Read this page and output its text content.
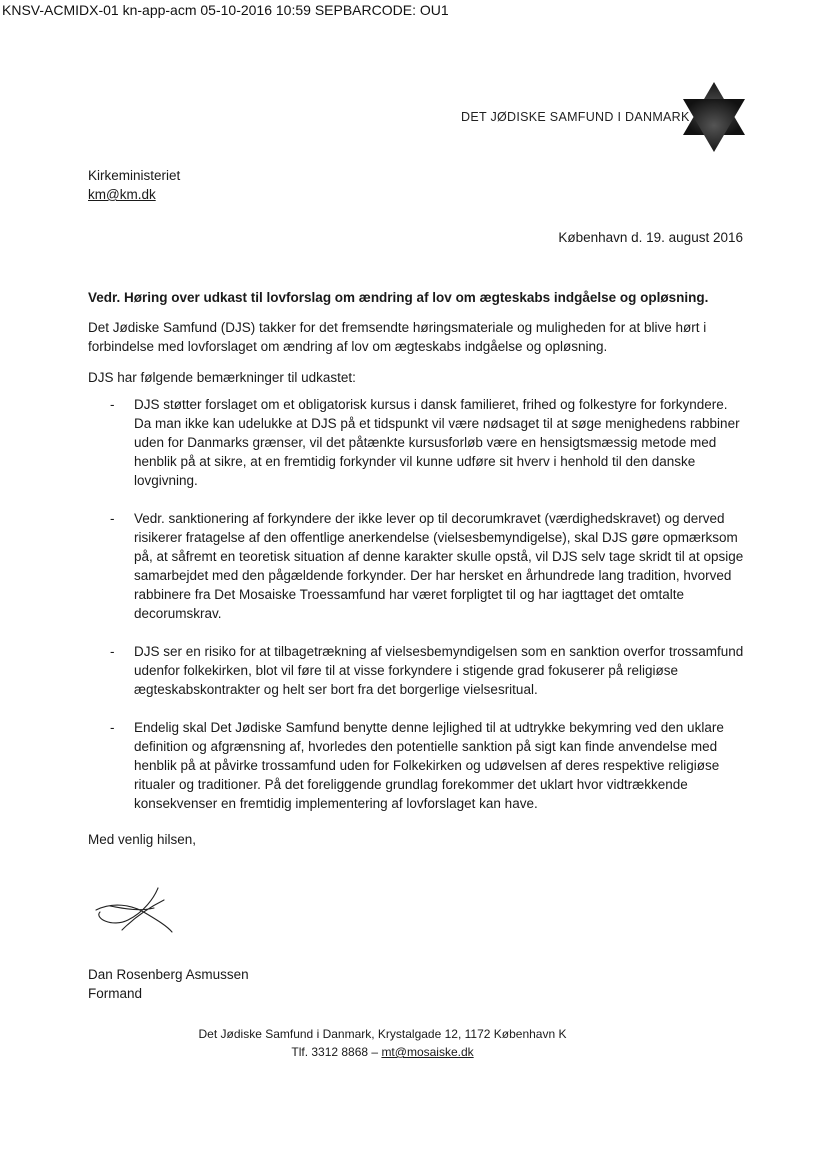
KNSV-ACMIDX-01 kn-app-acm 05-10-2016 10:59 SEPBARCODE: OU1
DET JØDISKE SAMFUND I DANMARK
Kirkeministeriet
km@km.dk
København d. 19. august 2016
Vedr. Høring over udkast til lovforslag om ændring af lov om ægteskabs indgåelse og opløsning.
Det Jødiske Samfund (DJS) takker for det fremsendte høringsmateriale og muligheden for at blive hørt i forbindelse med lovforslaget om ændring af lov om ægteskabs indgåelse og opløsning.
DJS har følgende bemærkninger til udkastet:
- DJS støtter forslaget om et obligatorisk kursus i dansk familieret, frihed og folkestyre for forkyndere. Da man ikke kan udelukke at DJS på et tidspunkt vil være nødsaget til at søge menighedens rabbiner uden for Danmarks grænser, vil det påtænkte kursusforløb være en hensigtsmæssig metode med henblik på at sikre, at en fremtidig forkynder vil kunne udføre sit hverv i henhold til den danske lovgivning.
- Vedr. sanktionering af forkyndere der ikke lever op til decorumkravet (værdighedskravet) og derved risikerer fratagelse af den offentlige anerkendelse (vielsesbemyndigelse), skal DJS gøre opmærksom på, at såfremt en teoretisk situation af denne karakter skulle opstå, vil DJS selv tage skridt til at opsige samarbejdet med den pågældende forkynder. Der har hersket en århundrede lang tradition, hvorved rabbinere fra Det Mosaiske Troessamfund har været forpligtet til og har iagttaget det omtalte decorumskrav.
- DJS ser en risiko for at tilbagetrækning af vielsesbemyndigelsen som en sanktion overfor trossamfund udenfor folkekirken, blot vil føre til at visse forkyndere i stigende grad fokuserer på religiøse ægteskabskontrakter og helt ser bort fra det borgerlige vielsesritual.
- Endelig skal Det Jødiske Samfund benytte denne lejlighed til at udtrykke bekymring ved den uklare definition og afgrænsning af, hvorledes den potentielle sanktion på sigt kan finde anvendelse med henblik på at påvirke trossamfund uden for Folkekirken og udøvelsen af deres respektive religiøse ritualer og traditioner. På det foreliggende grundlag forekommer det uklart hvor vidtrækkende konsekvenser en fremtidig implementering af lovforslaget kan have.
Med venlig hilsen,
Dan Rosenberg Asmussen
Formand
Det Jødiske Samfund i Danmark, Krystalgade 12, 1172 København K
Tlf. 3312 8868 – mt@mosaiske.dk
